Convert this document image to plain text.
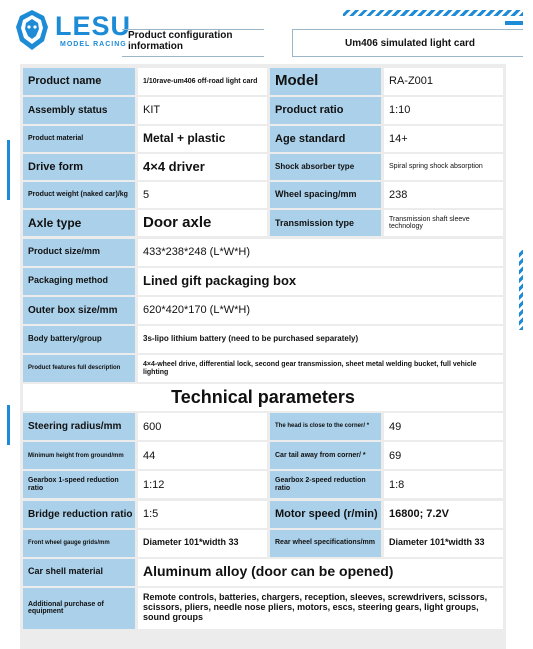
LESU
MODEL RACING
Product configuration information	Um406 simulated light card
Product name	1/10rave-um406 off-road light card	Model	RA-Z001
Assembly status	KIT	Product ratio	1:10
Product material	Metal + plastic	Age standard	14+
Drive form	4×4 driver	Shock absorber type	Spiral spring shock absorption
Product weight (naked car)/kg	5	Wheel spacing/mm	238
Axle type	Door axle	Transmission type	Transmission shaft sleeve technology
Product size/mm	433*238*248 (L*W*H)
Packaging method	Lined gift packaging box
Outer box size/mm	620*420*170 (L*W*H)
Body battery/group	3s-lipo lithium battery (need to be purchased separately)
Product features full description
4×4-wheel drive, differential lock, second gear transmission, sheet metal welding bucket, full vehicle lighting
Technical parameters
Steering radius/mm	600	The head is close to the corner/ *	49
Minimum height from ground/mm	44	Car tail away from corner/ *	69
Gearbox 1-speed reduction ratio	1:12	Gearbox 2-speed reduction ratio	1:8
Bridge reduction ratio 1:5	Motor speed (r/min)	16800; 7.2V
Front wheel gauge grids/mm	Diameter 101*width 33	Rear wheel specifications/mm	Diameter 101*width 33
Car shell material	Aluminum alloy (door can be opened)
Additional purchase of equipment
Remote controls, batteries, chargers, reception, sleeves, screwdrivers, scissors, scissors, pliers, needle nose pliers, motors, escs, steering gears, light groups, sound groups
